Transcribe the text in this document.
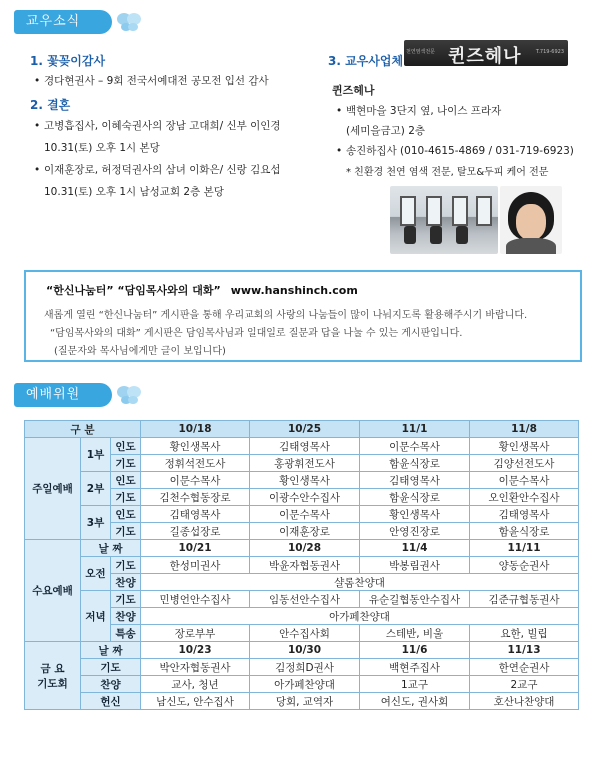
교우소식
1. 꽃꽂이감사
• 경다현권사 – 9회 전국서예대전 공모전 입선 감사
2. 결혼
• 고병흡집사, 이혜숙권사의 장남 고대희/ 신부 이인경
10.31(토) 오후 1시 본당
• 이재훈장로, 허정덕권사의 삼녀 이화은/ 신랑 김요섭
10.31(토) 오후 1시 남성교회 2층 본당
3. 교우사업체
천연염색전문 퀸즈헤나	T.719-6923
퀸즈헤나
• 백현마을 3단지 옆, 나이스 프라자
(세미을금고) 2층
• 송진하집사 (010-4615-4869 / 031-719-6923)
* 친환경 천연 염색 전문, 탈모&두피 케어 전문
“한신나눔터” “담임목사와의 대화” www.hanshinch.com
새롭게 열린 “한신나눔터” 게시판을 통해 우리교회의 사랑의 나눔들이 많이 나눠지도록 활용해주시기 바랍니다.
“담임목사와의 대화” 게시판은 담임목사님과 일대일로 질문과 답을 나눌 수 있는 게시판입니다.
(질문자와 목사님에게만 글이 보입니다)
예배위원
구 분			10/18	10/25	11/1	11/8
주일예배	1부	인도	황인생목사	김태영목사	이문수목사	황인생목사
		기도	정휘석전도사	홍광휘전도사	함윤식장로	김양선전도사
	2부	인도	이문수목사	황인생목사	김태영목사	이문수목사
		기도	김천수협동장로	이광수안수집사	함윤식장로	오인환안수집사
	3부	인도	김태영목사	이문수목사	황인생목사	김태영목사
		기도	길종섭장로	이재훈장로	안영진장로	함윤식장로
수요예배	날 짜		10/21	10/28	11/4	11/11
	오전	기도	한성미권사	박윤자협동권사	박봉림권사	양동순권사
		찬양	샬롬찬양대			
	저녁	기도	민병언안수집사	임동선안수집사	유순길협동안수집사	김준규협동권사
		찬양	아가페찬양대			
		특송	장로부부	안수집사회	스테반, 비울	요한, 빌립
금 요
기도회	날 짜		10/23	10/30	11/6	11/13
	기도		박안자협동권사	김정희D권사	백현주집사	한연순권사
	찬양		교사, 청년	아가페찬양대	1교구	2교구
	헌신		남신도, 안수집사	당회, 교역자	여신도, 권사회	호산나찬양대
